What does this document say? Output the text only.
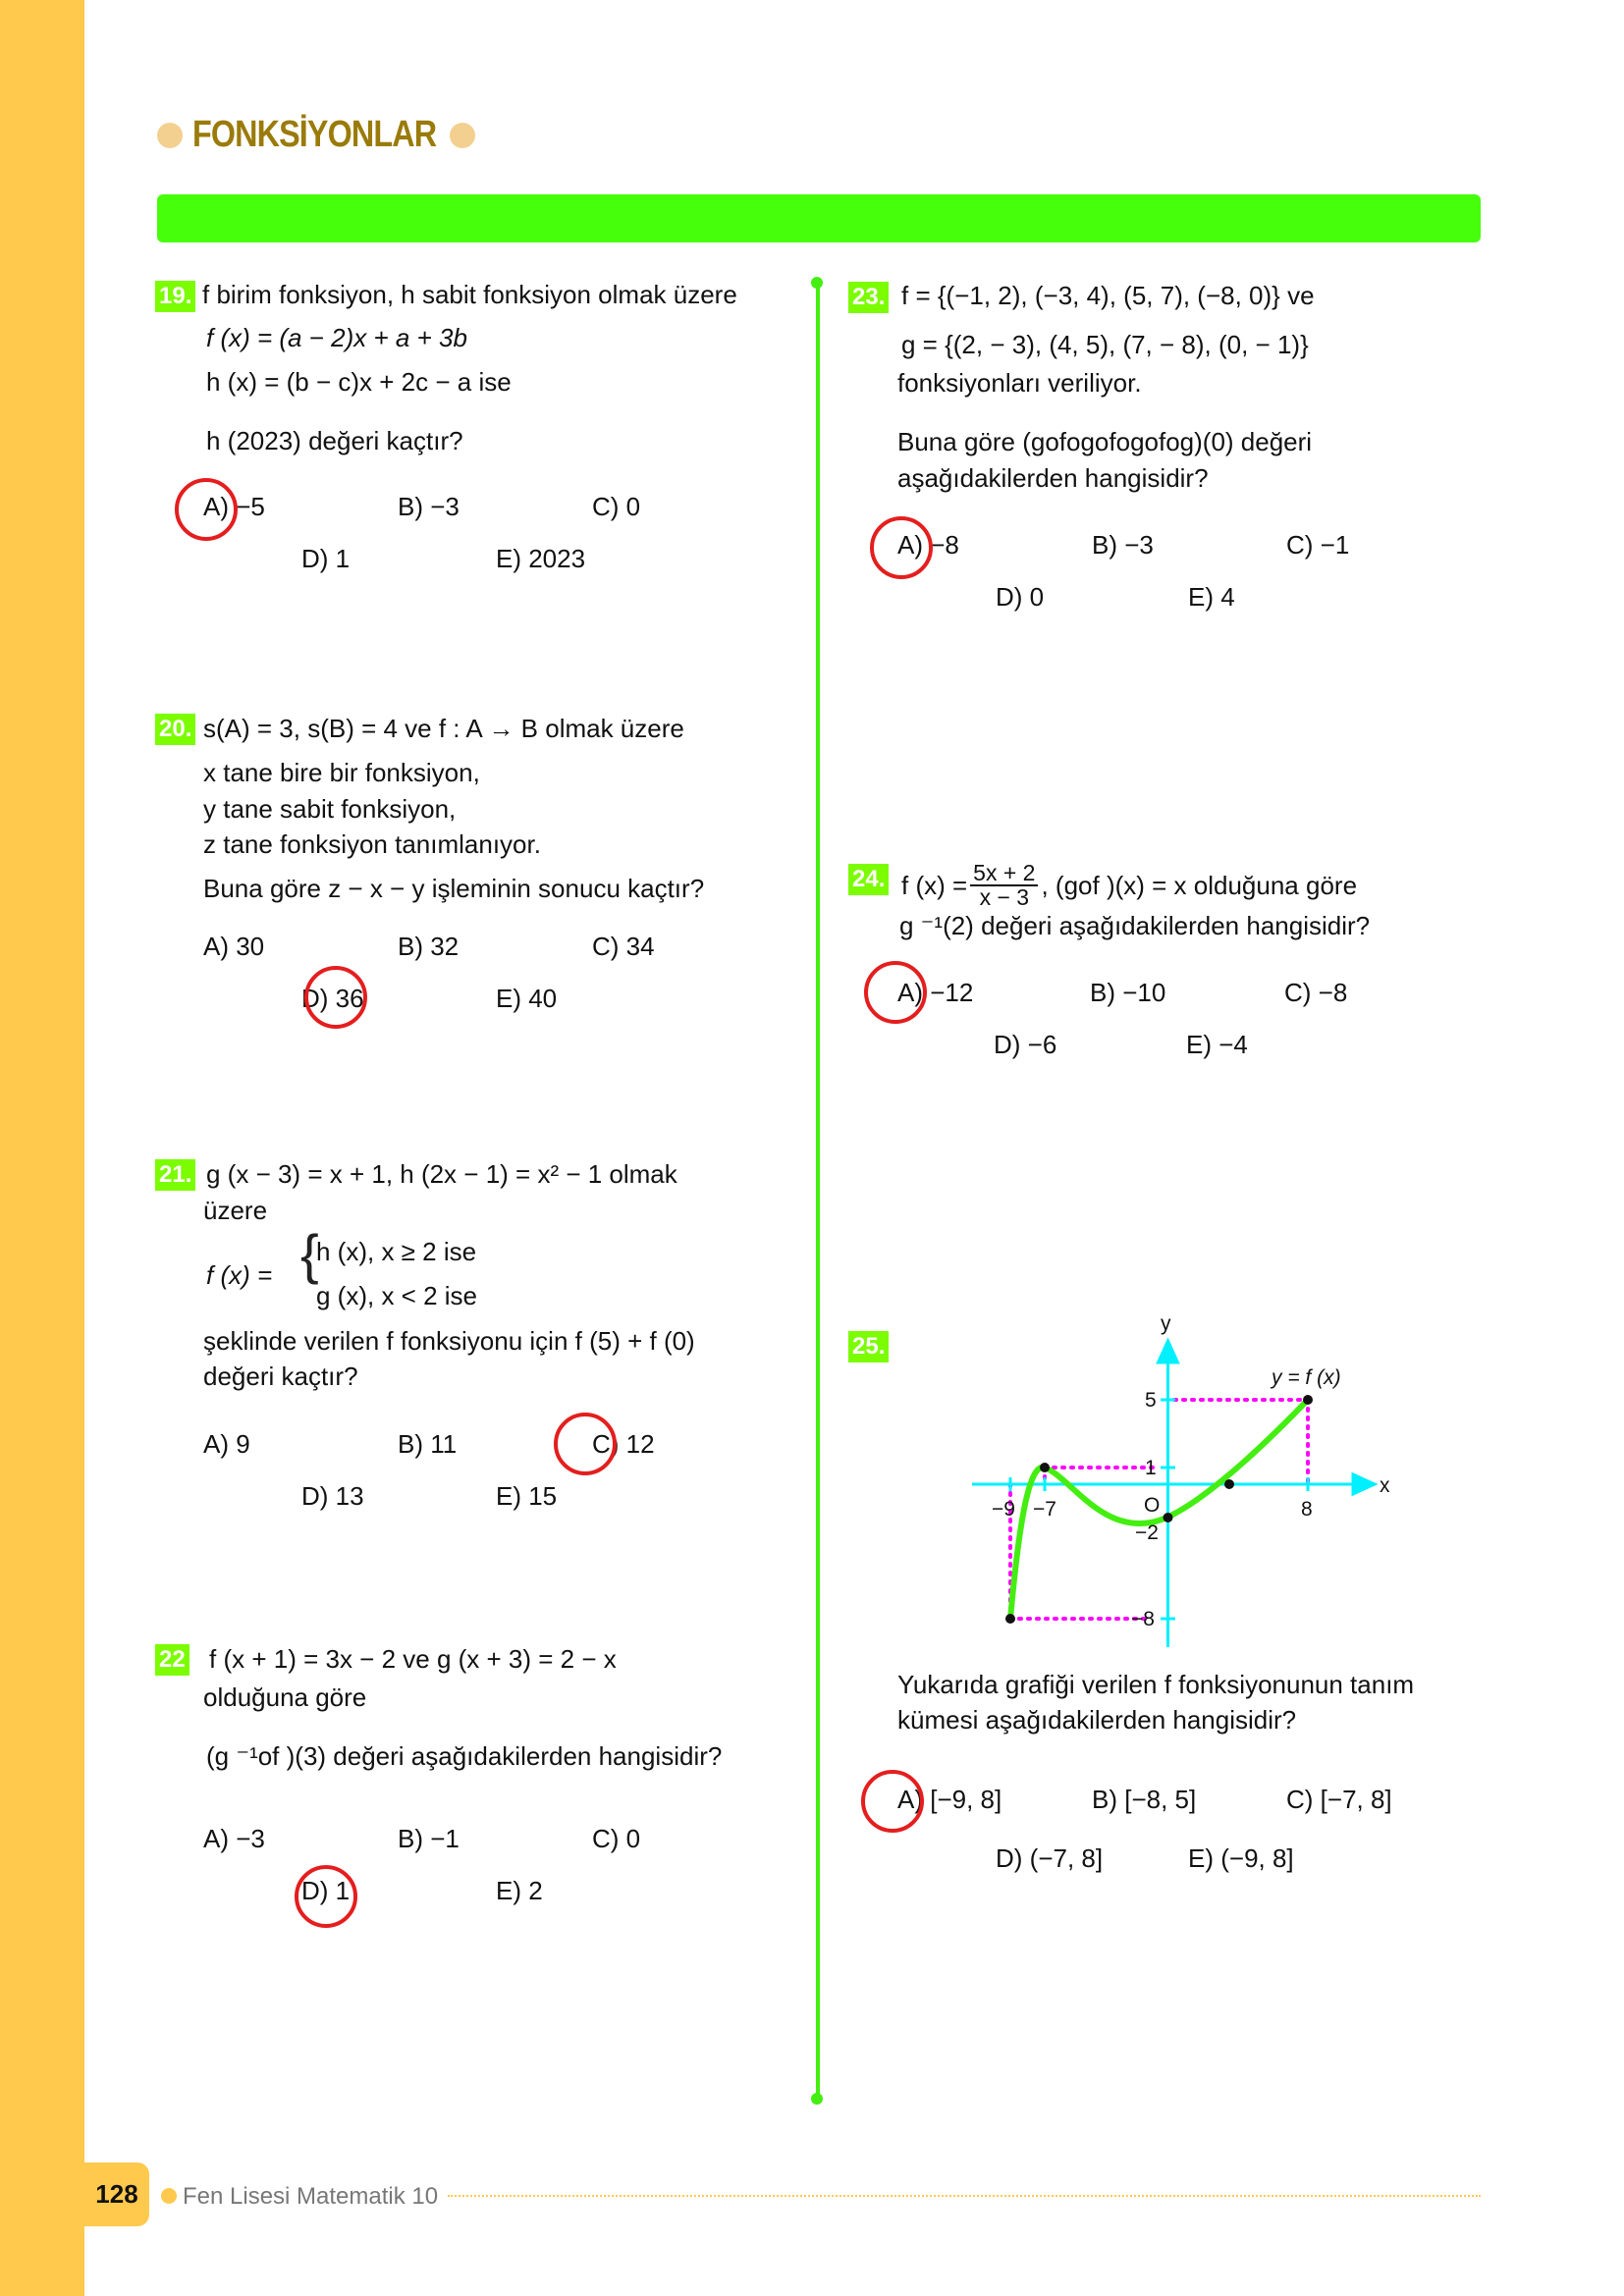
FONKSİYONLAR
19. f birim fonksiyon, h sabit fonksiyon olmak üzere
f (x) = (a − 2)x + a + 3b
h (x) = (b − c)x + 2c − a ise
h (2023) değeri kaçtır?
A) −5	B) −3	C) 0
D) 1	E) 2023
20. s(A) = 3, s(B) = 4 ve f : A → B olmak üzere
x tane bire bir fonksiyon,
y tane sabit fonksiyon,
z tane fonksiyon tanımlanıyor.
Buna göre z − x − y işleminin sonucu kaçtır?
A) 30	B) 32	C) 34
D) 36	E) 40
21. g (x − 3) = x + 1, h (2x − 1) = x² − 1 olmak
üzere
f (x) = {
h (x), x ≥ 2 ise
g (x), x < 2 ise
şeklinde verilen f fonksiyonu için f (5) + f (0)
değeri kaçtır?
A) 9	B) 11	C) 12
D) 13	E) 15
22 f (x + 1) = 3x − 2 ve g (x + 3) = 2 − x
olduğuna göre
(g ⁻¹of )(3) değeri aşağıdakilerden hangisidir?
A) −3	B) −1	C) 0
D) 1	E) 2
23. f = {(−1, 2), (−3, 4), (5, 7), (−8, 0)} ve
g = {(2, − 3), (4, 5), (7, − 8), (0, − 1)}
fonksiyonları veriliyor.
Buna göre (gofogofogofog)(0) değeri
aşağıdakilerden hangisidir?
A) −8	B) −3	C) −1
D) 0	E) 4
24. f $(x) = \frac{5x + 2}{x - 3}$ , (gof )(x) = x olduğuna göre
g ⁻¹(2) değeri aşağıdakilerden hangisidir?
A) −12	B) −10	C) −8
D) −6	E) −4
25.
y
x
O
y = f (x)
−9 −7	8
5
1
−2
−8
Yukarıda grafiği verilen f fonksiyonunun tanım
kümesi aşağıdakilerden hangisidir?
A) [−9, 8]	B) [−8, 5]	C) [−7, 8]
D) (−7, 8]	E) (−9, 8]
128	Fen Lisesi Matematik 10
